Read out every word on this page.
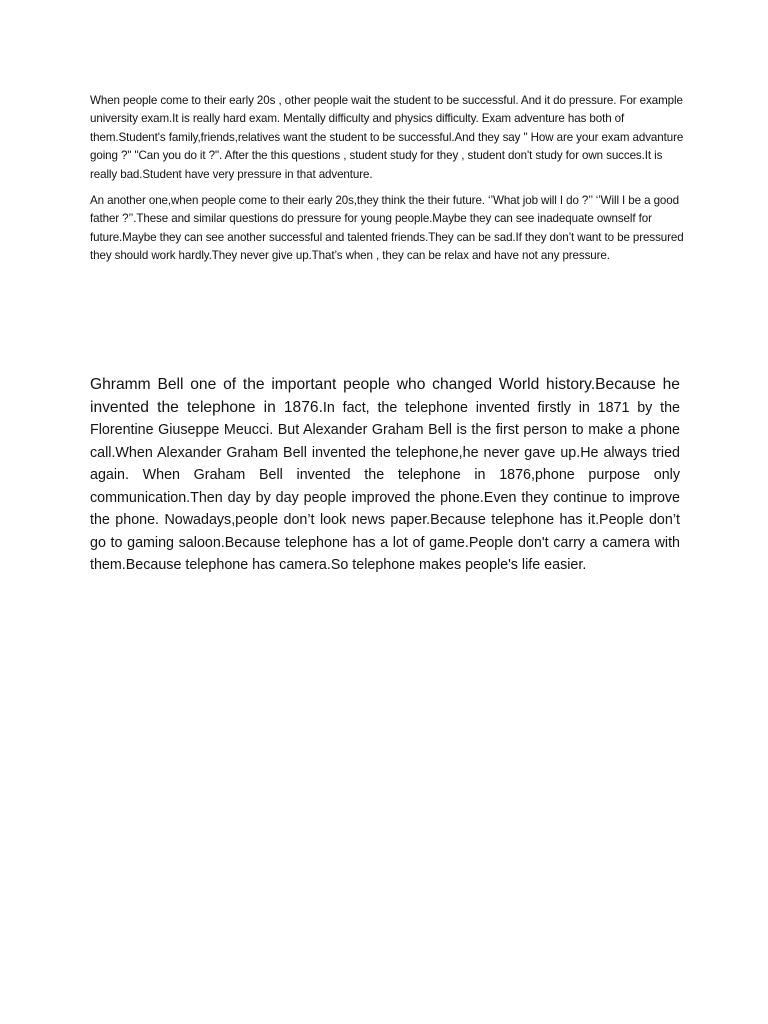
When people come to their early 20s , other people wait the student to be successful. And it do pressure. For example university exam.It is really hard exam. Mentally difficulty and physics difficulty. Exam adventure has both of them.Student's family,friends,relatives want the student to be successful.And they say " How are your exam advanture going ?" "Can you do it ?". After the this questions , student study for they , student don't study for own succes.It is really bad.Student have very pressure in that adventure.

An another one,when people come to their early 20s,they think the their future. ‘’What job will I do ?’’ ‘’Will I be a good father ?’’.These and similar questions do pressure for young people.Maybe they can see inadequate ownself for future.Maybe they can see another successful and talented friends.They can be sad.If they don’t want to be pressured they should work hardly.They never give up.That’s when , they can be relax and have not any pressure.

Ghramm Bell one of the important people who changed World history.Because he invented the telephone in 1876.In fact, the telephone invented firstly in 1871 by the Florentine Giuseppe Meucci. But Alexander Graham Bell is the first person to make a phone call.When Alexander Graham Bell invented the telephone,he never gave up.He always tried again. When Graham Bell invented the telephone in 1876,phone purpose only communication.Then day by day people improved the phone.Even they continue to improve the phone. Nowadays,people don’t look news paper.Because telephone has it.People don’t go to gaming saloon.Because telephone has a lot of game.People don't carry a camera with them.Because telephone has camera.So telephone makes people's life easier.
